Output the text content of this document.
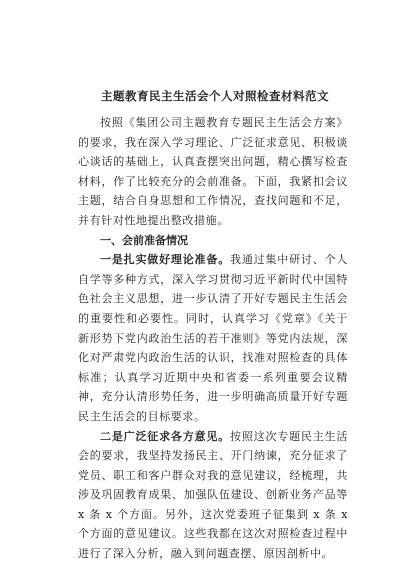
主题教育民主生活会个人对照检查材料范文

按照《集团公司主题教育专题民主生活会方案》的要求，我在深入学习理论、广泛征求意见、积极谈心谈话的基础上，认真查摆突出问题，精心撰写检查材料，作了比较充分的会前准备。下面，我紧扣会议主题，结合自身思想和工作情况，查找问题和不足，并有针对性地提出整改措施。

一、会前准备情况

一是扎实做好理论准备。我通过集中研讨、个人自学等多种方式，深入学习贯彻习近平新时代中国特色社会主义思想，进一步认清了开好专题民主生活会的重要性和必要性。同时，认真学习《党章》《关于新形势下党内政治生活的若干准则》等党内法规，深化对严肃党内政治生活的认识，找准对照检查的具体标准；认真学习近期中央和省委一系列重要会议精神，充分认清形势任务，进一步明确高质量开好专题民主生活会的目标要求。

二是广泛征求各方意见。按照这次专题民主生活会的要求，我坚持发扬民主、开门纳谏，充分征求了党员、职工和客户群众对我的意见建议，经梳理，共涉及巩固教育成果、加强队伍建设、创新业务产品等 x 条 x 个方面。另外，这次党委班子征集到 x 条 x 个方面的意见建议。这些我都在这次对照检查过程中进行了深入分析，融入到问题查摆、原因剖析中。
